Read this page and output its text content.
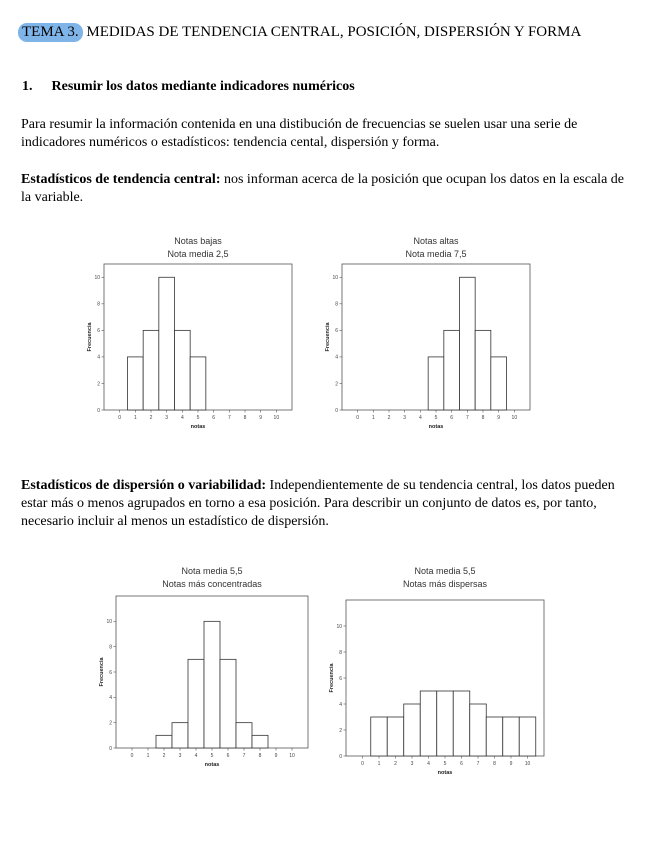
TEMA 3. MEDIDAS DE TENDENCIA CENTRAL, POSICIÓN, DISPERSIÓN Y FORMA
1. Resumir los datos mediante indicadores numéricos
Para resumir la información contenida en una distibución de frecuencias se suelen usar una serie de indicadores numéricos o estadísticos: tendencia cental, dispersión y forma.
Estadísticos de tendencia central: nos informan acerca de la posición que ocupan los datos en la escala de la variable.
Notas bajas
Nota media 2,5
0	1	2	3	4	5	6	7	8	9 10
0
2
4
6
8
10
notas
Frecuencia
Notas altas
Nota media 7,5
0	1	2	3	4	5	6	7	8	9 10
0
2
4
6
8
10
notas
Frecuencia
Estadísticos de dispersión o variabilidad: Independientemente de su tendencia central, los datos pueden estar más o menos agrupados en torno a esa posición. Para describir un conjunto de datos es, por tanto, necesario incluir al menos un estadístico de dispersión.
Nota media 5,5
Notas más concentradas
0	1	2	3	4	5	6	7	8	9 10
0
2
4
6
8
10
notas
Frecuencia
Nota media 5,5
Notas más dispersas
0	1	2	3	4	5	6	7	8	9 10
0
2
4
6
8
10
notas
Frecuencia
